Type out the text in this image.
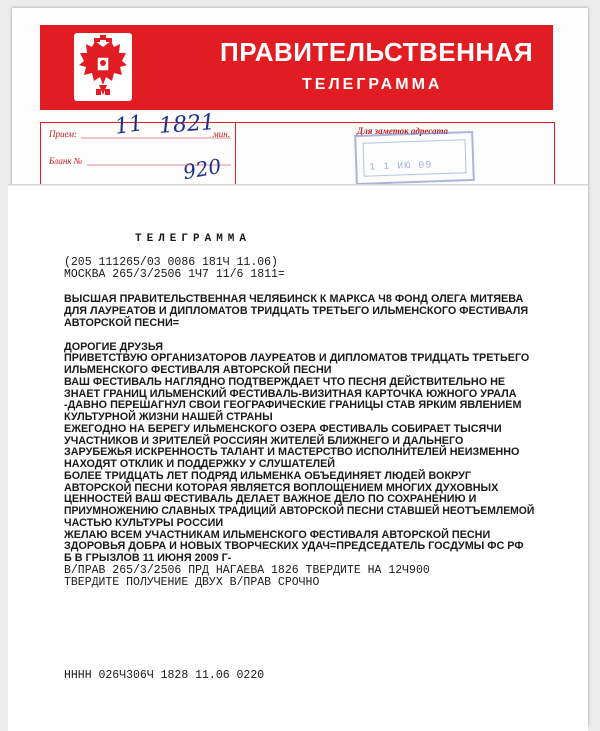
ПРАВИТЕЛЬСТВЕННАЯ
ТЕЛЕГРАММА
Прием:	мин.
Бланк №
Для заметок адресата
11 1821
920	1 1 ИЮ 09
ТЕЛЕГРАММА
(205 111265/03 0086 181Ч 11.06)
МОСКВА 265/3/2506 1Ч7 11/6 1811=
ВЫСШАЯ ПРАВИТЕЛЬСТВЕННАЯ ЧЕЛЯБИНСК К МАРКСА Ч8 ФОНД ОЛЕГА МИТЯЕВА
ДЛЯ ЛАУРЕАТОВ И ДИПЛОМАТОВ ТРИДЦАТЬ ТРЕТЬЕГО ИЛЬМЕНСКОГО ФЕСТИВАЛЯ
АВТОРСКОЙ ПЕСНИ=
ДОРОГИЕ ДРУЗЬЯ
ПРИВЕТСТВУЮ ОРГАНИЗАТОРОВ ЛАУРЕАТОВ И ДИПЛОМАТОВ ТРИДЦАТЬ ТРЕТЬЕГО
ИЛЬМЕНСКОГО ФЕСТИВАЛЯ АВТОРСКОЙ ПЕСНИ
ВАШ ФЕСТИВАЛЬ НАГЛЯДНО ПОДТВЕРЖДАЕТ ЧТО ПЕСНЯ ДЕЙСТВИТЕЛЬНО НЕ
ЗНАЕТ ГРАНИЦ ИЛЬМЕНСКИЙ ФЕСТИВАЛЬ-ВИЗИТНАЯ КАРТОЧКА ЮЖНОГО УРАЛА
-ДАВНО ПЕРЕШАГНУЛ СВОИ ГЕОГРАФИЧЕСКИЕ ГРАНИЦЫ СТАВ ЯРКИМ ЯВЛЕНИЕМ
КУЛЬТУРНОЙ ЖИЗНИ НАШЕЙ СТРАНЫ
ЕЖЕГОДНО НА БЕРЕГУ ИЛЬМЕНСКОГО ОЗЕРА ФЕСТИВАЛЬ СОБИРАЕТ ТЫСЯЧИ
УЧАСТНИКОВ И ЗРИТЕЛЕЙ РОССИЯН ЖИТЕЛЕЙ БЛИЖНЕГО И ДАЛЬНЕГО
ЗАРУБЕЖЬЯ ИСКРЕННОСТЬ ТАЛАНТ И МАСТЕРСТВО ИСПОЛНИТЕЛЕЙ НЕИЗМЕННО
НАХОДЯТ ОТКЛИК И ПОДДЕРЖКУ У СЛУШАТЕЛЕЙ
БОЛЕЕ ТРИДЦАТЬ ЛЕТ ПОДРЯД ИЛЬМЕНКА ОБЪЕДИНЯЕТ ЛЮДЕЙ ВОКРУГ
АВТОРСКОЙ ПЕСНИ КОТОРАЯ ЯВЛЯЕТСЯ ВОПЛОЩЕНИЕМ МНОГИХ ДУХОВНЫХ
ЦЕННОСТЕЙ ВАШ ФЕСТИВАЛЬ ДЕЛАЕТ ВАЖНОЕ ДЕЛО ПО СОХРАНЕНИЮ И
ПРИУМНОЖЕНИЮ СЛАВНЫХ ТРАДИЦИЙ АВТОРСКОЙ ПЕСНИ СТАВШЕЙ НЕОТЪЕМЛЕМОЙ
ЧАСТЬЮ КУЛЬТУРЫ РОССИИ
ЖЕЛАЮ ВСЕМ УЧАСТНИКАМ ИЛЬМЕНСКОГО ФЕСТИВАЛЯ АВТОРСКОЙ ПЕСНИ
ЗДОРОВЬЯ ДОБРА И НОВЫХ ТВОРЧЕСКИХ УДАЧ=ПРЕДСЕДАТЕЛЬ ГОСДУМЫ ФС РФ
Б В ГРЫЗЛОВ 11 ИЮНЯ 2009 Г-
В/ПРАВ 265/3/2506 ПРД НАГАЕВА 1826 ТВЕРДИТЕ НА 12Ч900
ТВЕРДИТЕ ПОЛУЧЕНИЕ ДВУХ В/ПРАВ СРОЧНО
НННН 026Ч306Ч 1828 11.06 0220
